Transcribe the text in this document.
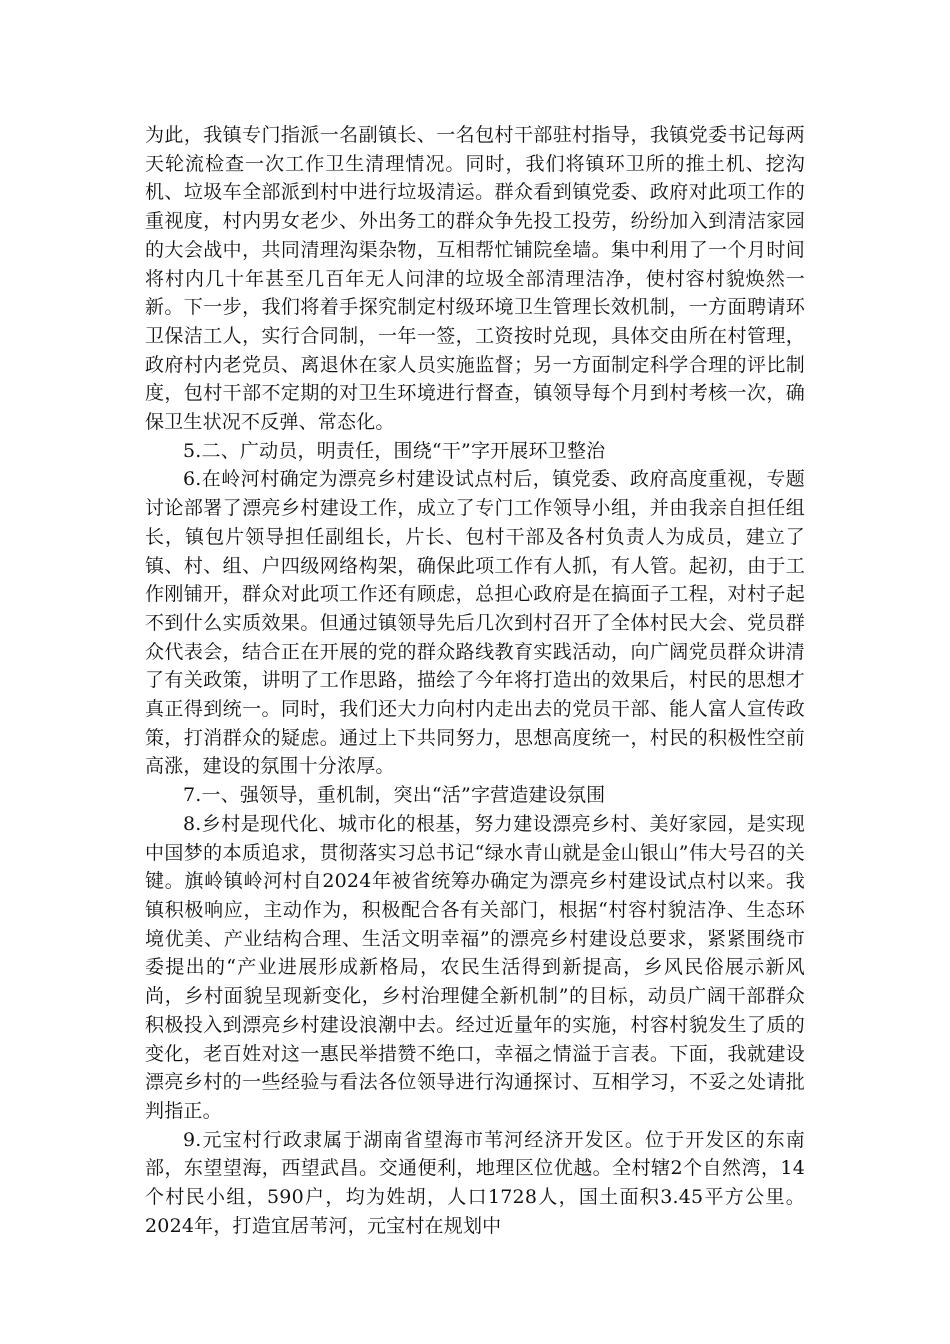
为此，我镇专门指派一名副镇长、一名包村干部驻村指导，我镇党委书记每两天轮流检查一次工作卫生清理情况。同时，我们将镇环卫所的推土机、挖沟机、垃圾车全部派到村中进行垃圾清运。群众看到镇党委、政府对此项工作的重视度，村内男女老少、外出务工的群众争先投工投劳，纷纷加入到清洁家园的大会战中，共同清理沟渠杂物，互相帮忙铺院垒墙。集中利用了一个月时间将村内几十年甚至几百年无人问津的垃圾全部清理洁净，使村容村貌焕然一新。下一步，我们将着手探究制定村级环境卫生管理长效机制，一方面聘请环卫保洁工人，实行合同制，一年一签，工资按时兑现，具体交由所在村管理，政府村内老党员、离退休在家人员实施监督；另一方面制定科学合理的评比制度，包村干部不定期的对卫生环境进行督查，镇领导每个月到村考核一次，确保卫生状况不反弹、常态化。

5.二、广动员，明责任，围绕“干”字开展环卫整治

6.在岭河村确定为漂亮乡村建设试点村后，镇党委、政府高度重视，专题讨论部署了漂亮乡村建设工作，成立了专门工作领导小组，并由我亲自担任组长，镇包片领导担任副组长，片长、包村干部及各村负责人为成员，建立了镇、村、组、户四级网络构架，确保此项工作有人抓，有人管。起初，由于工作刚铺开，群众对此项工作还有顾虑，总担心政府是在搞面子工程，对村子起不到什么实质效果。但通过镇领导先后几次到村召开了全体村民大会、党员群众代表会，结合正在开展的党的群众路线教育实践活动，向广阔党员群众讲清了有关政策，讲明了工作思路，描绘了今年将打造出的效果后，村民的思想才真正得到统一。同时，我们还大力向村内走出去的党员干部、能人富人宣传政策，打消群众的疑虑。通过上下共同努力，思想高度统一，村民的积极性空前高涨，建设的氛围十分浓厚。

7.一、强领导，重机制，突出“活”字营造建设氛围

8.乡村是现代化、城市化的根基，努力建设漂亮乡村、美好家园，是实现中国梦的本质追求，贯彻落实习总书记“绿水青山就是金山银山”伟大号召的关键。旗岭镇岭河村自2024年被省统筹办确定为漂亮乡村建设试点村以来。我镇积极响应，主动作为，积极配合各有关部门，根据“村容村貌洁净、生态环境优美、产业结构合理、生活文明幸福”的漂亮乡村建设总要求，紧紧围绕市委提出的“产业进展形成新格局，农民生活得到新提高，乡风民俗展示新风尚，乡村面貌呈现新变化，乡村治理健全新机制”的目标，动员广阔干部群众积极投入到漂亮乡村建设浪潮中去。经过近量年的实施，村容村貌发生了质的变化，老百姓对这一惠民举措赞不绝口，幸福之情溢于言表。下面，我就建设漂亮乡村的一些经验与看法各位领导进行沟通探讨、互相学习，不妥之处请批判指正。

9.元宝村行政隶属于湖南省望海市苇河经济开发区。位于开发区的东南部，东望望海，西望武昌。交通便利，地理区位优越。全村辖2个自然湾，14个村民小组，590户，均为姓胡，人口1728人，国土面积3.45平方公里。2024年，打造宜居苇河，元宝村在规划中
